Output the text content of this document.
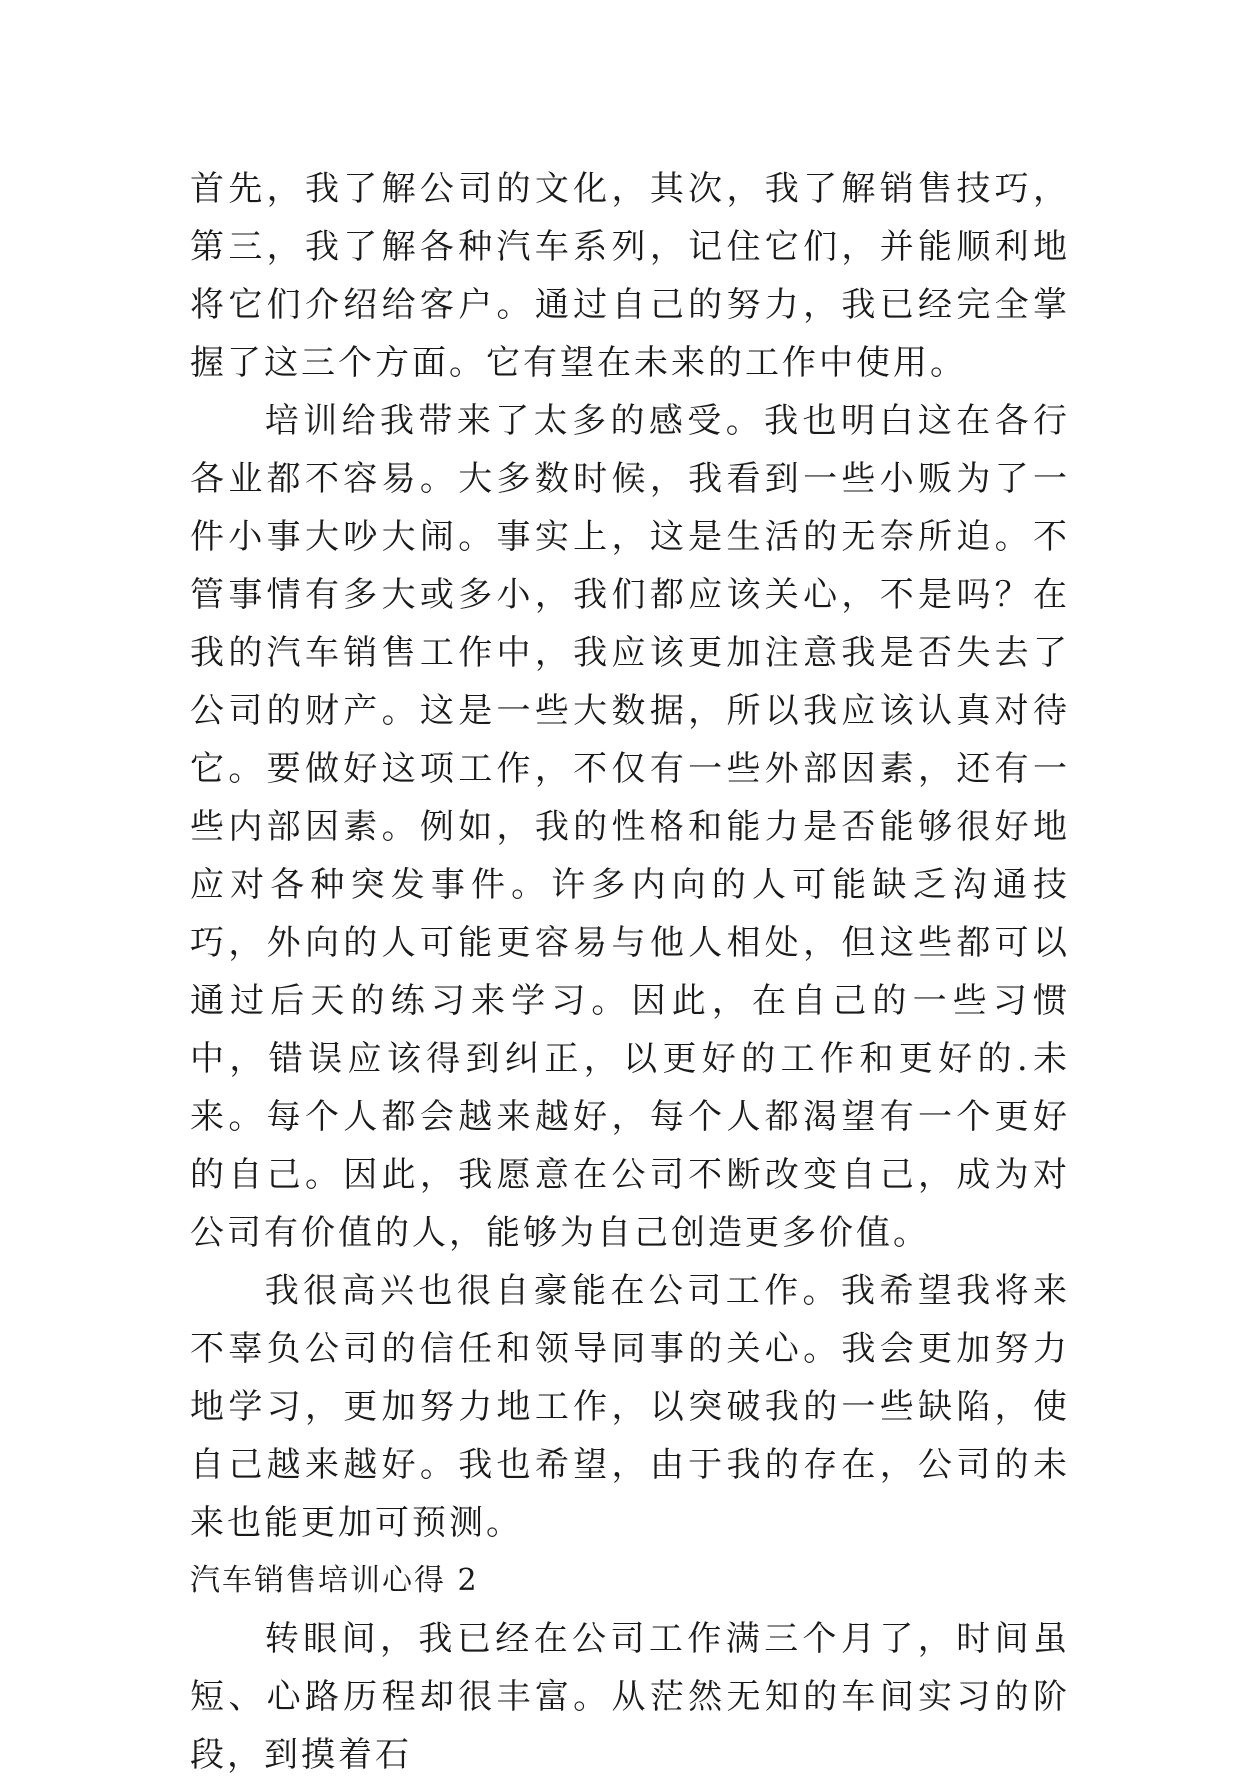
首先，我了解公司的文化，其次，我了解销售技巧，第三，我了解各种汽车系列，记住它们，并能顺利地将它们介绍给客户。通过自己的努力，我已经完全掌握了这三个方面。它有望在未来的工作中使用。

培训给我带来了太多的感受。我也明白这在各行各业都不容易。大多数时候，我看到一些小贩为了一件小事大吵大闹。事实上，这是生活的无奈所迫。不管事情有多大或多小，我们都应该关心，不是吗？在我的汽车销售工作中，我应该更加注意我是否失去了公司的财产。这是一些大数据，所以我应该认真对待它。要做好这项工作，不仅有一些外部因素，还有一些内部因素。例如，我的性格和能力是否能够很好地应对各种突发事件。许多内向的人可能缺乏沟通技巧，外向的人可能更容易与他人相处，但这些都可以通过后天的练习来学习。因此，在自己的一些习惯中，错误应该得到纠正，以更好的工作和更好的.未来。每个人都会越来越好，每个人都渴望有一个更好的自己。因此，我愿意在公司不断改变自己，成为对公司有价值的人，能够为自己创造更多价值。

我很高兴也很自豪能在公司工作。我希望我将来不辜负公司的信任和领导同事的关心。我会更加努力地学习，更加努力地工作，以突破我的一些缺陷，使自己越来越好。我也希望，由于我的存在，公司的未来也能更加可预测。

汽车销售培训心得 2

转眼间，我已经在公司工作满三个月了，时间虽短、心路历程却很丰富。从茫然无知的车间实习的阶段，到摸着石
